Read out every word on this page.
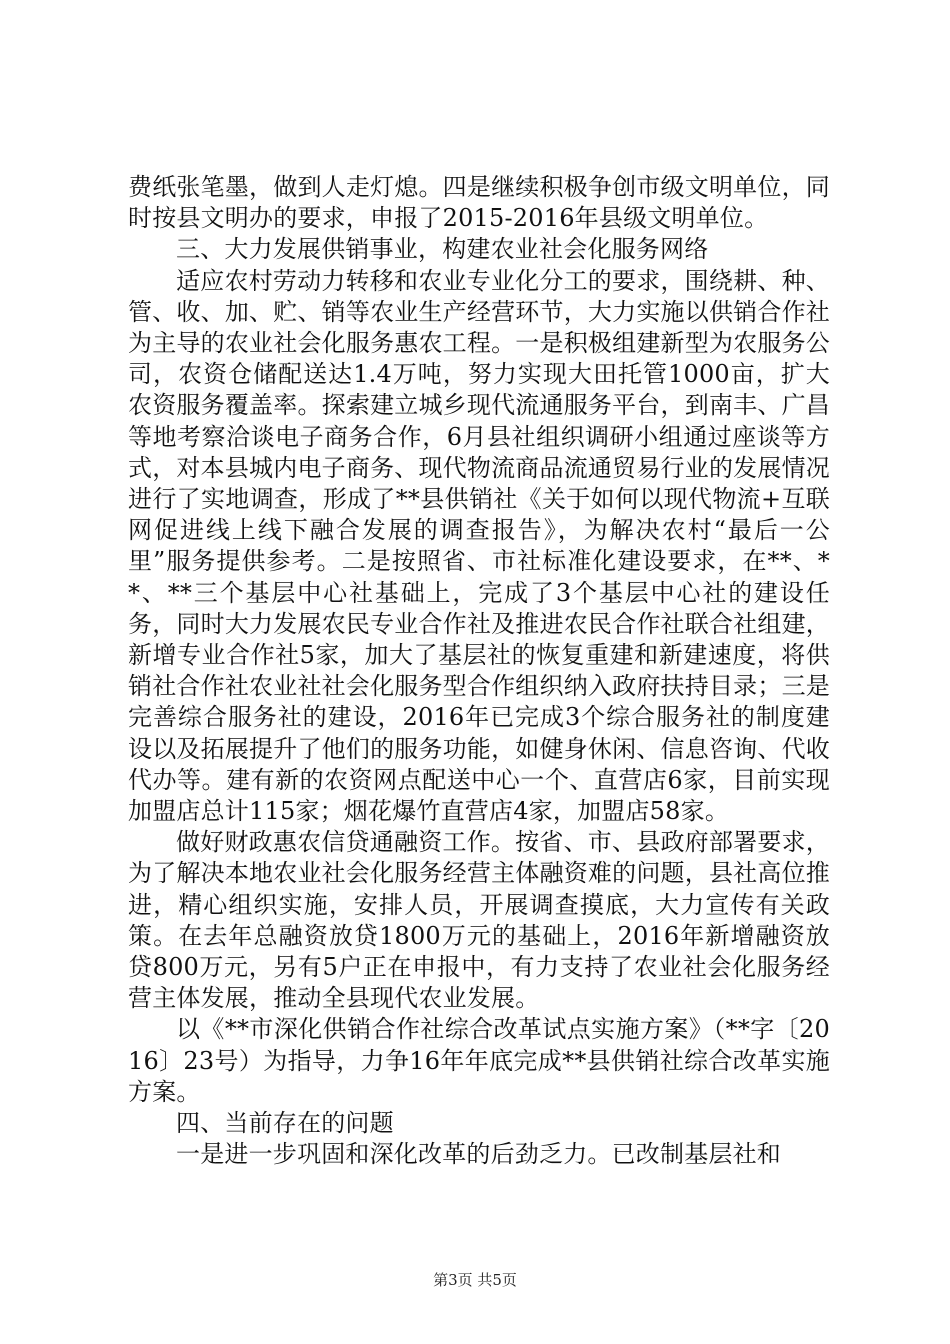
费纸张笔墨，做到人走灯熄。四是继续积极争创市级文明单位，同时按县文明办的要求，申报了2015-2016年县级文明单位。

三、大力发展供销事业，构建农业社会化服务网络

适应农村劳动力转移和农业专业化分工的要求，围绕耕、种、管、收、加、贮、销等农业生产经营环节，大力实施以供销合作社为主导的农业社会化服务惠农工程。一是积极组建新型为农服务公司，农资仓储配送达1.4万吨，努力实现大田托管1000亩，扩大农资服务覆盖率。探索建立城乡现代流通服务平台，到南丰、广昌等地考察洽谈电子商务合作，6月县社组织调研小组通过座谈等方式，对本县城内电子商务、现代物流商品流通贸易行业的发展情况进行了实地调查，形成了**县供销社《关于如何以现代物流+互联网促进线上线下融合发展的调查报告》，为解决农村“最后一公里”服务提供参考。二是按照省、市社标准化建设要求，在**、**、**三个基层中心社基础上，完成了3个基层中心社的建设任务，同时大力发展农民专业合作社及推进农民合作社联合社组建，新增专业合作社5家，加大了基层社的恢复重建和新建速度，将供销社合作社农业社社会化服务型合作组织纳入政府扶持目录；三是完善综合服务社的建设，2016年已完成3个综合服务社的制度建设以及拓展提升了他们的服务功能，如健身休闲、信息咨询、代收代办等。建有新的农资网点配送中心一个、直营店6家，目前实现加盟店总计115家；烟花爆竹直营店4家，加盟店58家。

做好财政惠农信贷通融资工作。按省、市、县政府部署要求，为了解决本地农业社会化服务经营主体融资难的问题，县社高位推进，精心组织实施，安排人员，开展调查摸底，大力宣传有关政策。在去年总融资放贷1800万元的基础上，2016年新增融资放贷800万元，另有5户正在申报中，有力支持了农业社会化服务经营主体发展，推动全县现代农业发展。

以《**市深化供销合作社综合改革试点实施方案》（**字〔2016〕23号）为指导，力争16年年底完成**县供销社综合改革实施方案。

四、当前存在的问题

一是进一步巩固和深化改革的后劲乏力。已改制基层社和

第3页 共5页
